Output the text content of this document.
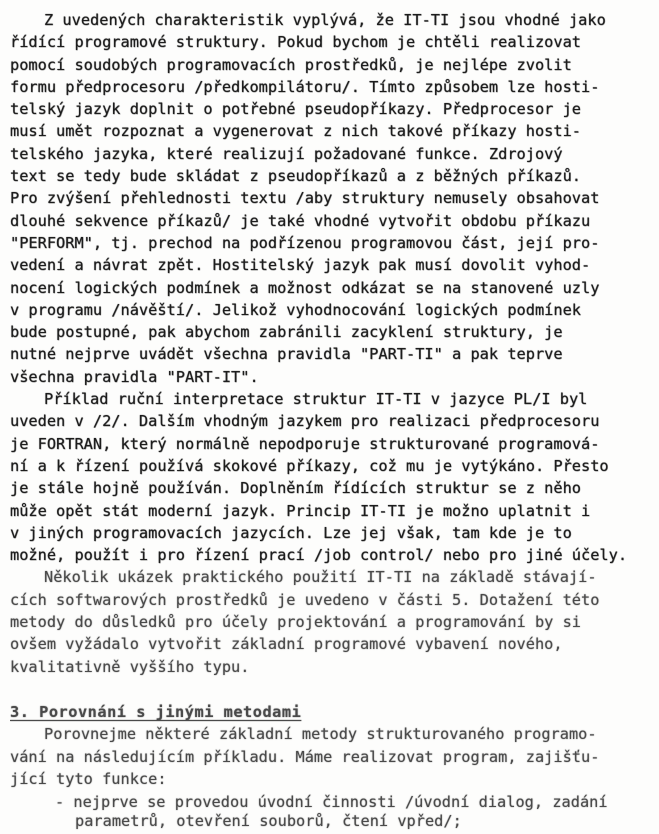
Z uvedených charakteristik vyplývá, že IT-TI jsou vhodné jako
řídící programové struktury. Pokud bychom je chtěli realizovat
pomocí soudobých programovacích prostředků, je nejlépe zvolit
formu předprocesoru /předkompilátoru/. Tímto způsobem lze hosti-
telský jazyk doplnit o potřebné pseudopříkazy. Předprocesor je
musí umět rozpoznat a vygenerovat z nich takové příkazy hosti-
telského jazyka, které realizují požadované funkce. Zdrojový
text se tedy bude skládat z pseudopříkazů a z běžných příkazů.
Pro zvýšení přehlednosti textu /aby struktury nemusely obsahovat
dlouhé sekvence příkazů/ je také vhodné vytvořit obdobu příkazu
"PERFORM", tj. prechod na podřízenou programovou část, její pro-
vedení a návrat zpět. Hostitelský jazyk pak musí dovolit vyhod-
nocení logických podmínek a možnost odkázat se na stanovené uzly
v programu /návěští/. Jelikož vyhodnocování logických podmínek
bude postupné, pak abychom zabránili zacyklení struktury, je
nutné nejprve uvádět všechna pravidla "PART-TI" a pak teprve
všechna pravidla "PART-IT".
Příklad ruční interpretace struktur IT-TI v jazyce PL/I byl
uveden v /2/. Dalším vhodným jazykem pro realizaci předprocesoru
je FORTRAN, který normálně nepodporuje strukturované programová-
ní a k řízení používá skokové příkazy, což mu je vytýkáno. Přesto
je stále hojně používán. Doplněním řídících struktur se z něho
může opět stát moderní jazyk. Princip IT-TI je možno uplatnit i
v jiných programovacích jazycích. Lze jej však, tam kde je to
možné, použít i pro řízení prací /job control/ nebo pro jiné účely.
Několik ukázek praktického použití IT-TI na základě stávají-
cích softwarových prostředků je uvedeno v části 5. Dotažení této
metody do důsledků pro účely projektování a programování by si
ovšem vyžádalo vytvořit základní programové vybavení nového,
kvalitativně vyššího typu.
3. Porovnání s jinými metodami
Porovnejme některé základní metody strukturovaného programo-
vání na následujícím příkladu. Máme realizovat program, zajišťu-
jící tyto funkce:
- nejprve se provedou úvodní činnosti /úvodní dialog, zadání
parametrů, otevření souborů, čtení vpřed/;
